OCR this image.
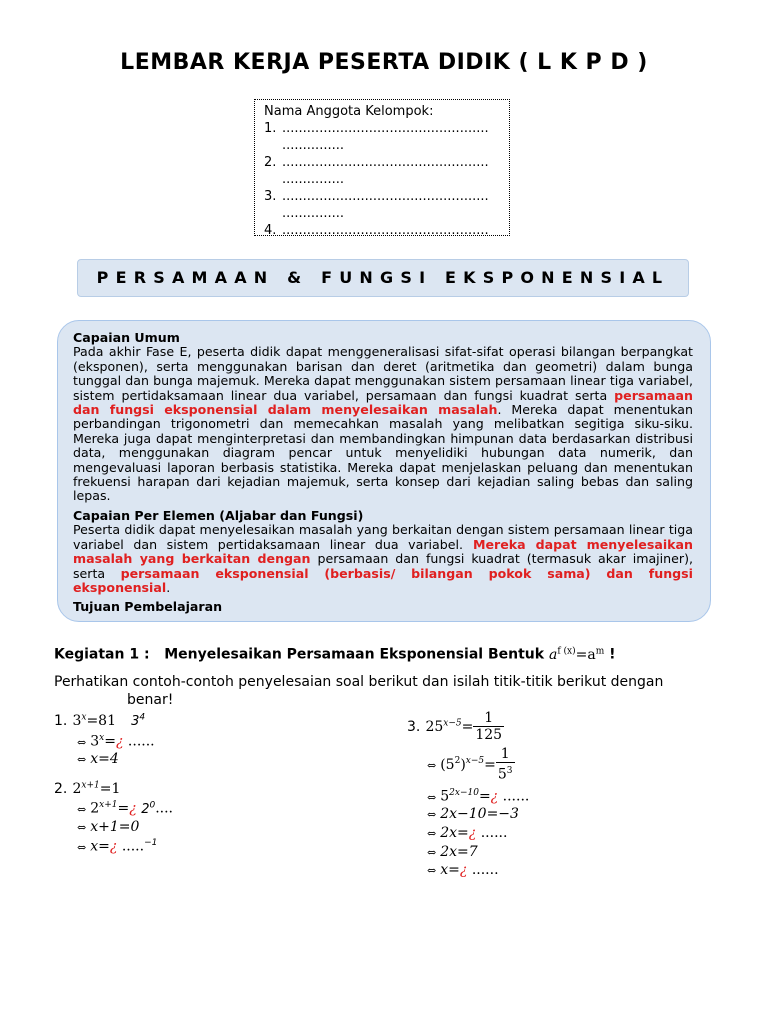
LEMBAR KERJA PESERTA DIDIK ( L K P D )
Nama Anggota Kelompok:
1. ..................................................
...............
2. ..................................................
...............
3. ..................................................
...............
4. ..................................................
PERSAMAAN & FUNGSI EKSPONENSIAL
Capaian Umum

Pada akhir Fase E, peserta didik dapat menggeneralisasi sifat-sifat operasi bilangan berpangkat (eksponen), serta menggunakan barisan dan deret (aritmetika dan geometri) dalam bunga tunggal dan bunga majemuk. Mereka dapat menggunakan sistem persamaan linear tiga variabel, sistem pertidaksamaan linear dua variabel, persamaan dan fungsi kuadrat serta persamaan dan fungsi eksponensial dalam menyelesaikan masalah. Mereka dapat menentukan perbandingan trigonometri dan memecahkan masalah yang melibatkan segitiga siku-siku. Mereka juga dapat menginterpretasi dan membandingkan himpunan data berdasarkan distribusi data, menggunakan diagram pencar untuk menyelidiki hubungan data numerik, dan mengevaluasi laporan berbasis statistika. Mereka dapat menjelaskan peluang dan menentukan frekuensi harapan dari kejadian majemuk, serta konsep dari kejadian saling bebas dan saling lepas.

Capaian Per Elemen (Aljabar dan Fungsi)

Peserta didik dapat menyelesaikan masalah yang berkaitan dengan sistem persamaan linear tiga variabel dan sistem pertidaksamaan linear dua variabel. Mereka dapat menyelesaikan masalah yang berkaitan dengan persamaan dan fungsi kuadrat (termasuk akar imajiner), serta persamaan eksponensial (berbasis/ bilangan pokok sama) dan fungsi eksponensial.

Tujuan Pembelajaran
Kegiatan 1 : Menyelesaikan Persamaan Eksponensial Bentuk $a^{f (x)}=a^m$ !
Perhatikan contoh-contoh penyelesaian soal berikut dan isilah titik-titik berikut dengan
benar!
1. $3^x=81$ $3^4$
⇔ $3^x=¿$ ......
⇔ x=4
2. $2^{x+1}=1$
⇔ $2^{x+1}=¿$ $2^0$....
⇔ x+1=0
⇔ x=¿ .....$^{-1}$
3. $25^{x-5}= \frac{1}{125}$
⇔ $(5^2)^{x-5}= \frac{1}{5^3}$
⇔ $5^{2x-10}=¿$ ......
⇔ 2x−10=−3
⇔ 2x=¿ ......
⇔ 2x=7
⇔ x=¿ ......
